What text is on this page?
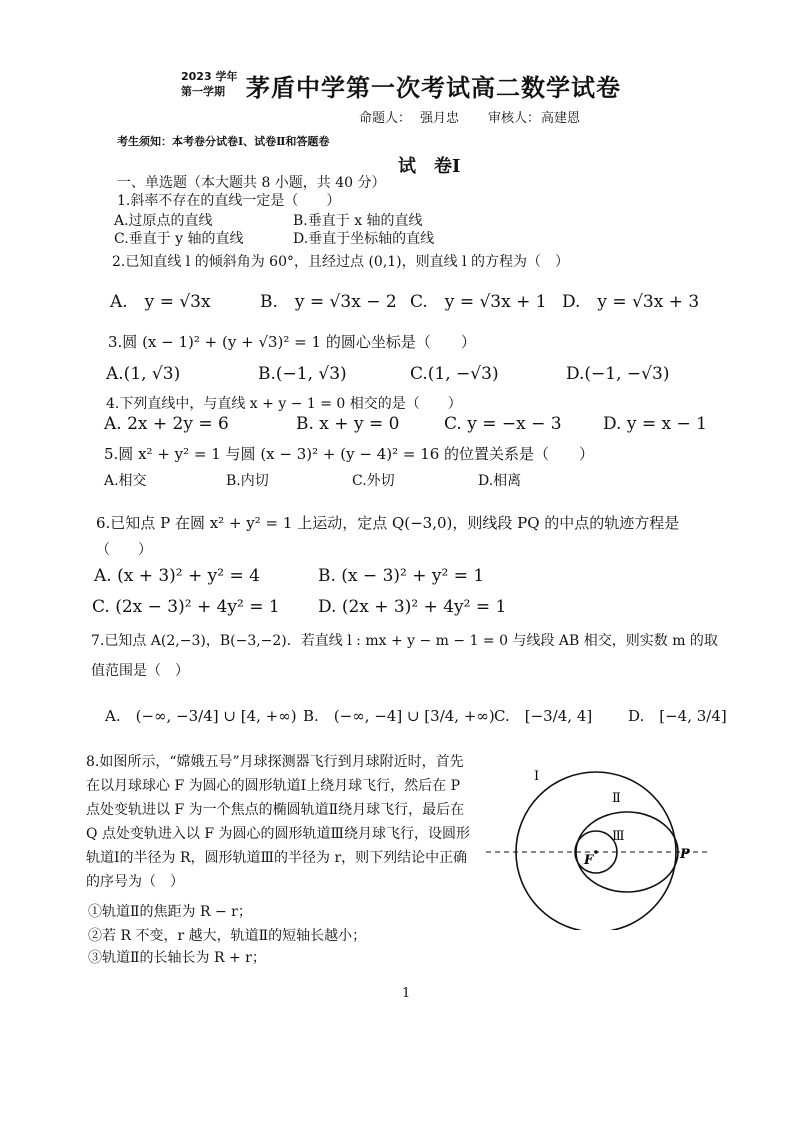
2023 学年
第一学期 茅盾中学第一次考试高二数学试卷
命题人： 强月忠 审核人： 高建恩
考生须知：本考卷分试卷Ⅰ、试卷Ⅱ和答题卷
试　卷Ⅰ
一、单选题（本大题共 8 小题，共 40 分）
1.斜率不存在的直线一定是（　　）
A.过原点的直线	B.垂直于 x 轴的直线
C.垂直于 y 轴的直线	D.垂直于坐标轴的直线
2.已知直线 l 的倾斜角为 60°，且经过点 (0,1)，则直线 l 的方程为（　）
A.　y = √3x	B.　y = √3x − 2 C.　y = √3x + 1 D.　y = √3x + 3
3.圆 (x − 1)² + (y + √3)² = 1 的圆心坐标是（　　）
A.(1, √3)	B.(−1, √3)	C.(1, −√3)	D.(−1, −√3)
4.下列直线中，与直线 x + y − 1 = 0 相交的是（　　）
A. 2x + 2y = 6	B. x + y = 0	C. y = −x − 3 D. y = x − 1
5.圆 x² + y² = 1 与圆 (x − 3)² + (y − 4)² = 16 的位置关系是（　　）
A.相交	B.内切	C.外切	D.相离
6.已知点 P 在圆 x² + y² = 1 上运动，定点 Q(−3,0)，则线段 PQ 的中点的轨迹方程是
（　　）
A. (x + 3)² + y² = 4	B. (x − 3)² + y² = 1
C. (2x − 3)² + 4y² = 1 D. (2x + 3)² + 4y² = 1
7.已知点 A(2,−3)，B(−3,−2)．若直线 l : mx + y − m − 1 = 0 与线段 AB 相交，则实数 m 的取
值范围是（　）
A.　(−∞, −3/4] ∪ [4, +∞) B.　(−∞, −4] ∪ [3/4, +∞) C.　[−3/4, 4] D.　[−4, 3/4]
8.如图所示，“嫦娥五号”月球探测器飞行到月球附近时，首先在以月球球心 F 为圆心的圆形轨道Ⅰ上绕月球飞行，然后在 P 点处变轨进以 F 为一个焦点的椭圆轨道Ⅱ绕月球飞行，最后在 Q 点处变轨进入以 F 为圆心的圆形轨道Ⅲ绕月球飞行，设圆形轨道Ⅰ的半径为 R，圆形轨道Ⅲ的半径为 r，则下列结论中正确的序号为（　）
①轨道Ⅱ的焦距为 R − r；
②若 R 不变，r 越大，轨道Ⅱ的短轴长越小；
③轨道Ⅱ的长轴长为 R + r；
Ⅰ
Ⅱ
Ⅲ
F	P
1
